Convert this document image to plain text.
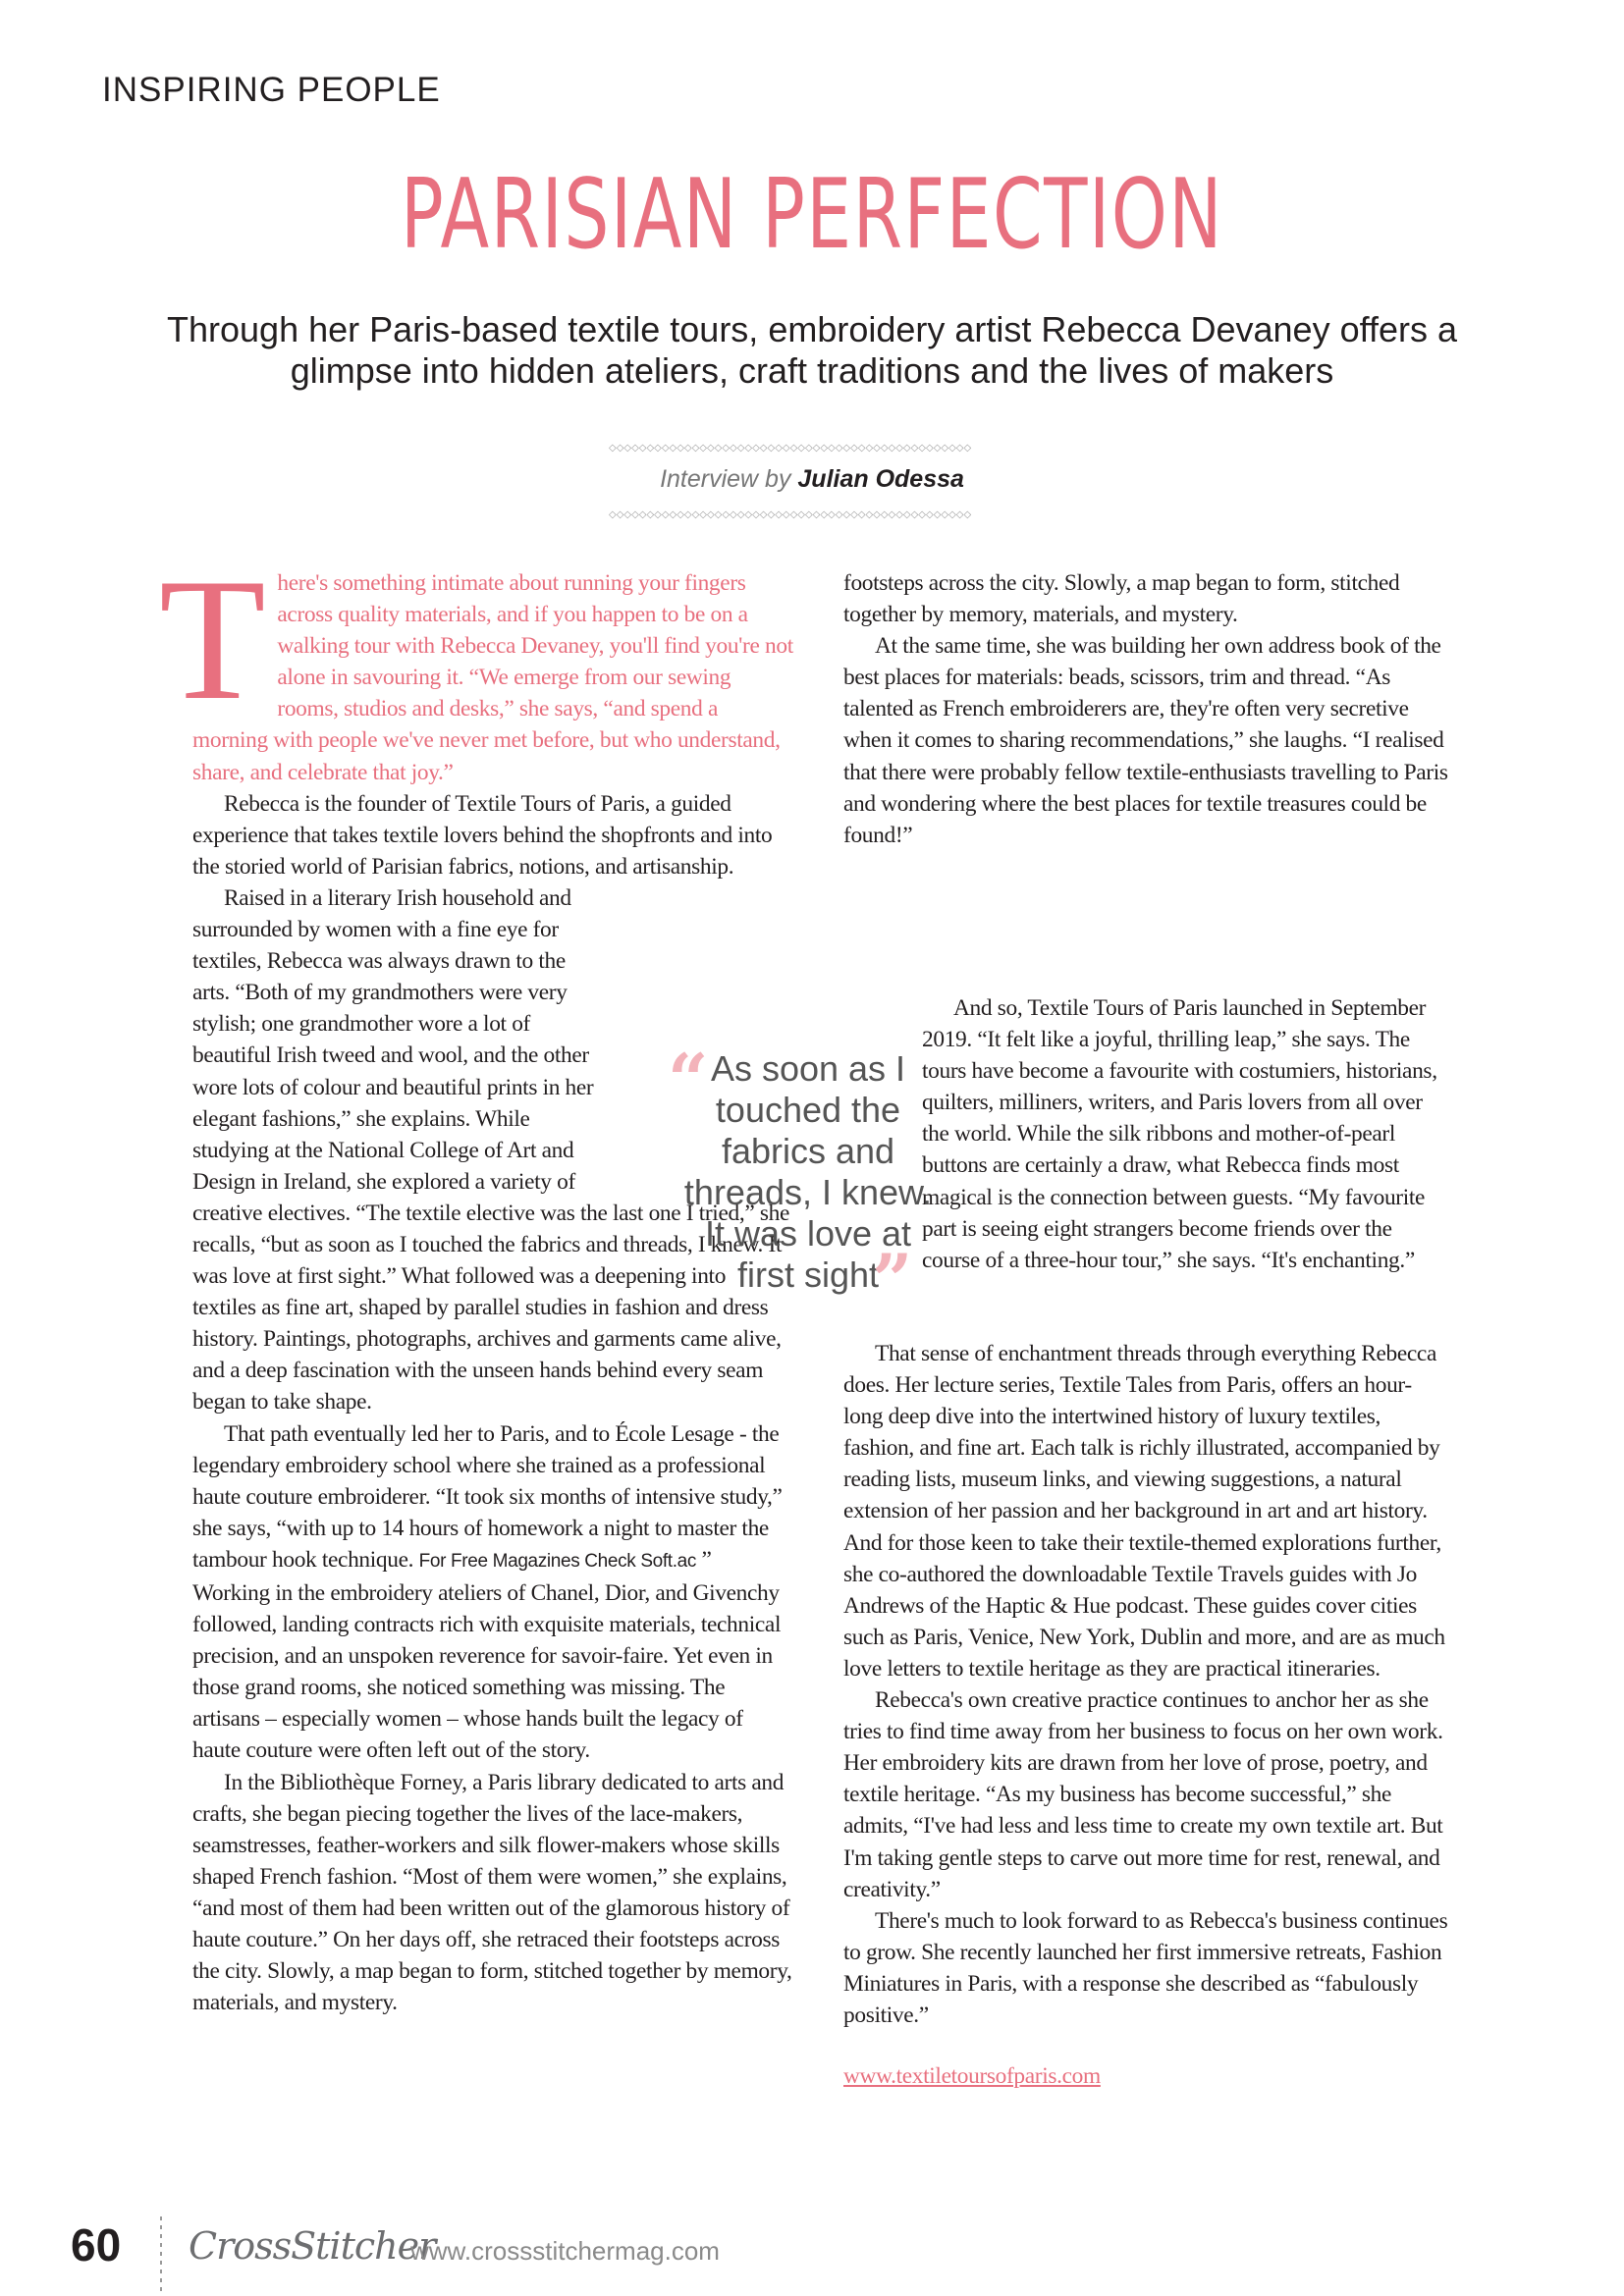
INSPIRING PEOPLE
PARISIAN PERFECTION

Through her Paris-based textile tours, embroidery artist Rebecca Devaney offers a glimpse into hidden ateliers, craft traditions and the lives of makers

◇◇◇◇◇◇◇◇◇◇◇◇◇◇◇◇◇◇◇◇◇◇◇◇◇◇◇◇◇◇◇◇◇◇◇◇◇◇◇◇◇◇◇◇◇◇◇◇
Interview by Julian Odessa
◇◇◇◇◇◇◇◇◇◇◇◇◇◇◇◇◇◇◇◇◇◇◇◇◇◇◇◇◇◇◇◇◇◇◇◇◇◇◇◇◇◇◇◇◇◇◇◇

There's something intimate about running your fingers across quality materials, and if you happen to be on a walking tour with Rebecca Devaney, you'll find you're not alone in savouring it. “We emerge from our sewing rooms, studios and desks,” she says, “and spend a morning with people we've never met before, but who understand, share, and celebrate that joy.”

Rebecca is the founder of Textile Tours of Paris, a guided experience that takes textile lovers behind the shopfronts and into the storied world of Parisian fabrics, notions, and artisanship.

Raised in a literary Irish household and surrounded by women with a fine eye for textiles, Rebecca was always drawn to the arts. “Both of my grandmothers were very stylish; one grandmother wore a lot of beautiful Irish tweed and wool, and the other wore lots of colour and beautiful prints in her elegant fashions,” she explains. While studying at the National College of Art and Design in Ireland, she explored a variety of creative electives. “The textile elective was the last one I tried,” she recalls, “but as soon as I touched the fabrics and threads, I knew. It was love at first sight.” What followed was a deepening into textiles as fine art, shaped by parallel studies in fashion and dress history. Paintings, photographs, archives and garments came alive, and a deep fascination with the unseen hands behind every seam began to take shape.

That path eventually led her to Paris, and to École Lesage - the legendary embroidery school where she trained as a professional haute couture embroiderer. “It took six months of intensive study,” she says, “with up to 14 hours of homework a night to master the tambour hook technique. For Free Magazines Check Soft.ac ” Working in the embroidery ateliers of Chanel, Dior, and Givenchy followed, landing contracts rich with exquisite materials, technical precision, and an unspoken reverence for savoir-faire. Yet even in those grand rooms, she noticed something was missing. The artisans – especially women – whose hands built the legacy of haute couture were often left out of the story.

In the Bibliothèque Forney, a Paris library dedicated to arts and crafts, she began piecing together the lives of the lace-makers, seamstresses, feather-workers and silk flower-makers whose skills shaped French fashion. “Most of them were women,” she explains, “and most of them had been written out of the glamorous history of haute couture.” On her days off, she retraced their footsteps across the city. Slowly, a map began to form, stitched together by memory, materials, and mystery.

And so, Textile Tours of Paris launched in September 2019. “It felt like a joyful, thrilling leap,” she says. The tours have become a favourite with costumiers, historians, quilters, milliners, writers, and Paris lovers from all over the world. While the silk ribbons and mother-of-pearl buttons are certainly a draw, what Rebecca finds most magical is the connection between guests. “My favourite part is seeing eight strangers become friends over the course of a three-hour tour,” she says. “It's enchanting.”

footsteps across the city. Slowly, a map began to form, stitched together by memory, materials, and mystery.

At the same time, she was building her own address book of the best places for materials: beads, scissors, trim and thread. “As talented as French embroiderers are, they're often very secretive when it comes to sharing recommendations,” she laughs. “I realised that there were probably fellow textile-enthusiasts travelling to Paris and wondering where the best places for textile treasures could be found!”

That sense of enchantment threads through everything Rebecca does. Her lecture series, Textile Tales from Paris, offers an hour-long deep dive into the intertwined history of luxury textiles, fashion, and fine art. Each talk is richly illustrated, accompanied by reading lists, museum links, and viewing suggestions, a natural extension of her passion and her background in art and art history. And for those keen to take their textile-themed explorations further, she co-authored the downloadable Textile Travels guides with Jo Andrews of the Haptic & Hue podcast. These guides cover cities such as Paris, Venice, New York, Dublin and more, and are as much love letters to textile heritage as they are practical itineraries.

Rebecca's own creative practice continues to anchor her as she tries to find time away from her business to focus on her own work. Her embroidery kits are drawn from her love of prose, poetry, and textile heritage. “As my business has become successful,” she admits, “I've had less and less time to create my own textile art. But I'm taking gentle steps to carve out more time for rest, renewal, and creativity.”

There's much to look forward to as Rebecca's business continues to grow. She recently launched her first immersive retreats, Fashion Miniatures in Paris, with a response she described as “fabulously positive.”

www.textiletoursofparis.com

“ As soon as I touched the fabrics and threads, I knew. It was love at first sight
”
60 CrossStitcher
www.crossstitchermag.com
